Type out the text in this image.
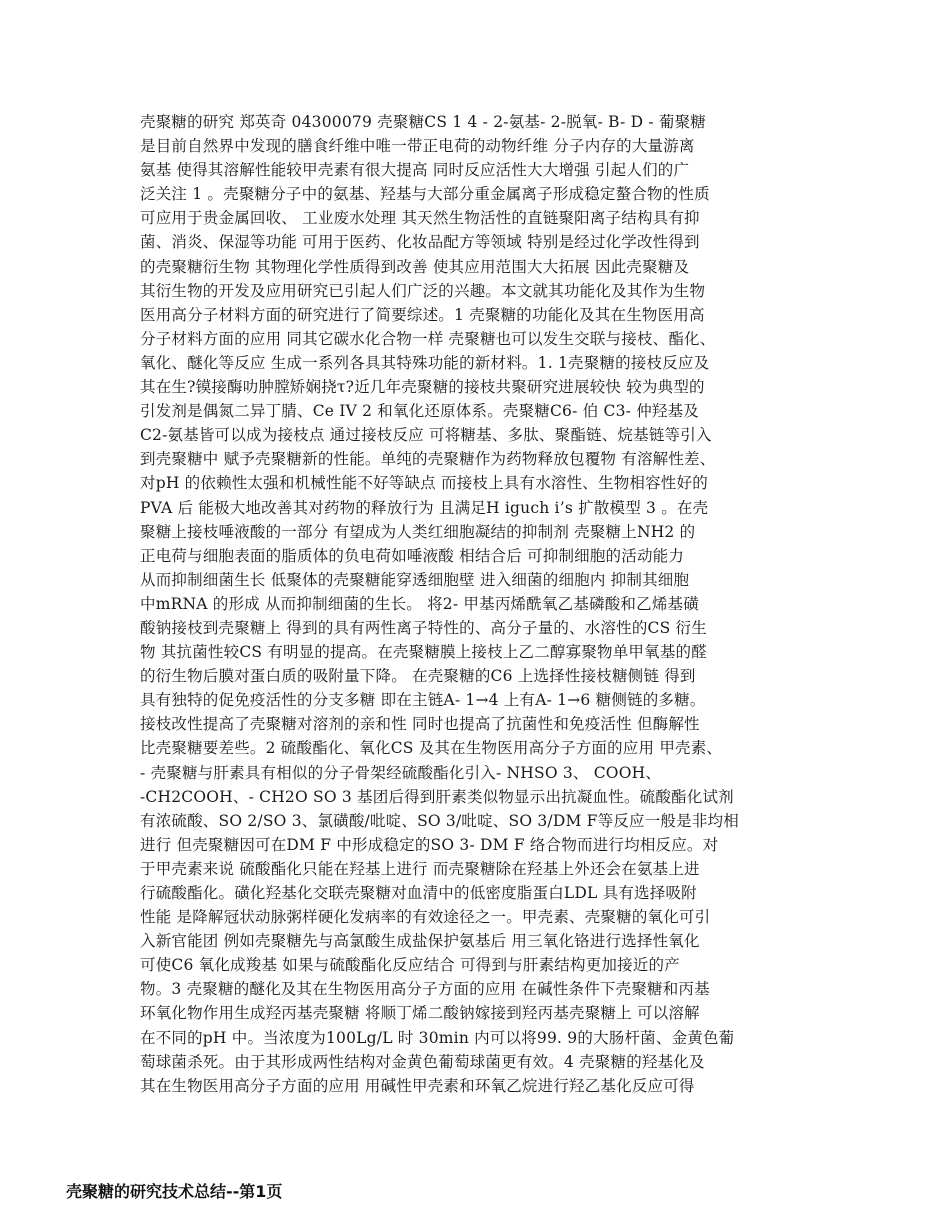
壳聚糖的研究 郑英奇 04300079 壳聚糖CS 1 4 - 2-氨基- 2-脱氧- B- D - 葡聚糖
是目前自然界中发现的膳食纤维中唯一带正电荷的动物纤维 分子内存的大量游离
氨基 使得其溶解性能较甲壳素有很大提高 同时反应活性大大增强 引起人们的广
泛关注 1 。壳聚糖分子中的氨基、羟基与大部分重金属离子形成稳定螯合物的性质
可应用于贵金属回收、 工业废水处理 其天然生物活性的直链聚阳离子结构具有抑
菌、消炎、保湿等功能 可用于医药、化妆品配方等领域 特别是经过化学改性得到
的壳聚糖衍生物 其物理化学性质得到改善 使其应用范围大大拓展 因此壳聚糖及
其衍生物的开发及应用研究已引起人们广泛的兴趣。本文就其功能化及其作为生物
医用高分子材料方面的研究进行了简要综述。1 壳聚糖的功能化及其在生物医用高
分子材料方面的应用 同其它碳水化合物一样 壳聚糖也可以发生交联与接枝、酯化、
氧化、醚化等反应 生成一系列各具其特殊功能的新材料。1. 1壳聚糖的接枝反应及
其在生?镆接酶叻肿膛矫娴挠τ?近几年壳聚糖的接枝共聚研究进展较快 较为典型的
引发剂是偶氮二异丁腈、Ce IV 2 和氧化还原体系。壳聚糖C6- 伯 C3- 仲羟基及
C2-氨基皆可以成为接枝点 通过接枝反应 可将糖基、多肽、聚酯链、烷基链等引入
到壳聚糖中 赋予壳聚糖新的性能。单纯的壳聚糖作为药物释放包覆物 有溶解性差、
对pH 的依赖性太强和机械性能不好等缺点 而接枝上具有水溶性、生物相容性好的
PVA 后 能极大地改善其对药物的释放行为 且满足H iguch i’s 扩散模型 3 。在壳
聚糖上接枝唾液酸的一部分 有望成为人类红细胞凝结的抑制剂 壳聚糖上NH2 的
正电荷与细胞表面的脂质体的负电荷如唾液酸 相结合后 可抑制细胞的活动能力
从而抑制细菌生长 低聚体的壳聚糖能穿透细胞壁 进入细菌的细胞内 抑制其细胞
中mRNA 的形成 从而抑制细菌的生长。 将2- 甲基丙烯酰氧乙基磷酸和乙烯基磺
酸钠接枝到壳聚糖上 得到的具有两性离子特性的、高分子量的、水溶性的CS 衍生
物 其抗菌性较CS 有明显的提高。在壳聚糖膜上接枝上乙二醇寡聚物单甲氧基的醛
的衍生物后膜对蛋白质的吸附量下降。 在壳聚糖的C6 上选择性接枝糖侧链 得到
具有独特的促免疫活性的分支多糖 即在主链A- 1→4 上有A- 1→6 糖侧链的多糖。
接枝改性提高了壳聚糖对溶剂的亲和性 同时也提高了抗菌性和免疫活性 但酶解性
比壳聚糖要差些。2 硫酸酯化、氧化CS 及其在生物医用高分子方面的应用 甲壳素、
- 壳聚糖与肝素具有相似的分子骨架经硫酸酯化引入- NHSO 3、 COOH、
-CH2COOH、- CH2O SO 3 基团后得到肝素类似物显示出抗凝血性。硫酸酯化试剂
有浓硫酸、SO 2/SO 3、氯磺酸/吡啶、SO 3/吡啶、SO 3/DM F等反应一般是非均相
进行 但壳聚糖因可在DM F 中形成稳定的SO 3- DM F 络合物而进行均相反应。对
于甲壳素来说 硫酸酯化只能在羟基上进行 而壳聚糖除在羟基上外还会在氨基上进
行硫酸酯化。磺化羟基化交联壳聚糖对血清中的低密度脂蛋白LDL 具有选择吸附
性能 是降解冠状动脉粥样硬化发病率的有效途径之一。甲壳素、壳聚糖的氧化可引
入新官能团 例如壳聚糖先与高氯酸生成盐保护氨基后 用三氧化铬进行选择性氧化
可使C6 氧化成羧基 如果与硫酸酯化反应结合 可得到与肝素结构更加接近的产
物。3 壳聚糖的醚化及其在生物医用高分子方面的应用 在碱性条件下壳聚糖和丙基
环氧化物作用生成羟丙基壳聚糖 将顺丁烯二酸钠嫁接到羟丙基壳聚糖上 可以溶解
在不同的pH 中。当浓度为100Lg/L 时 30min 内可以将99. 9的大肠杆菌、金黄色葡
萄球菌杀死。由于其形成两性结构对金黄色葡萄球菌更有效。4 壳聚糖的羟基化及
其在生物医用高分子方面的应用 用碱性甲壳素和环氧乙烷进行羟乙基化反应可得
壳聚糖的研究技术总结--第1页
